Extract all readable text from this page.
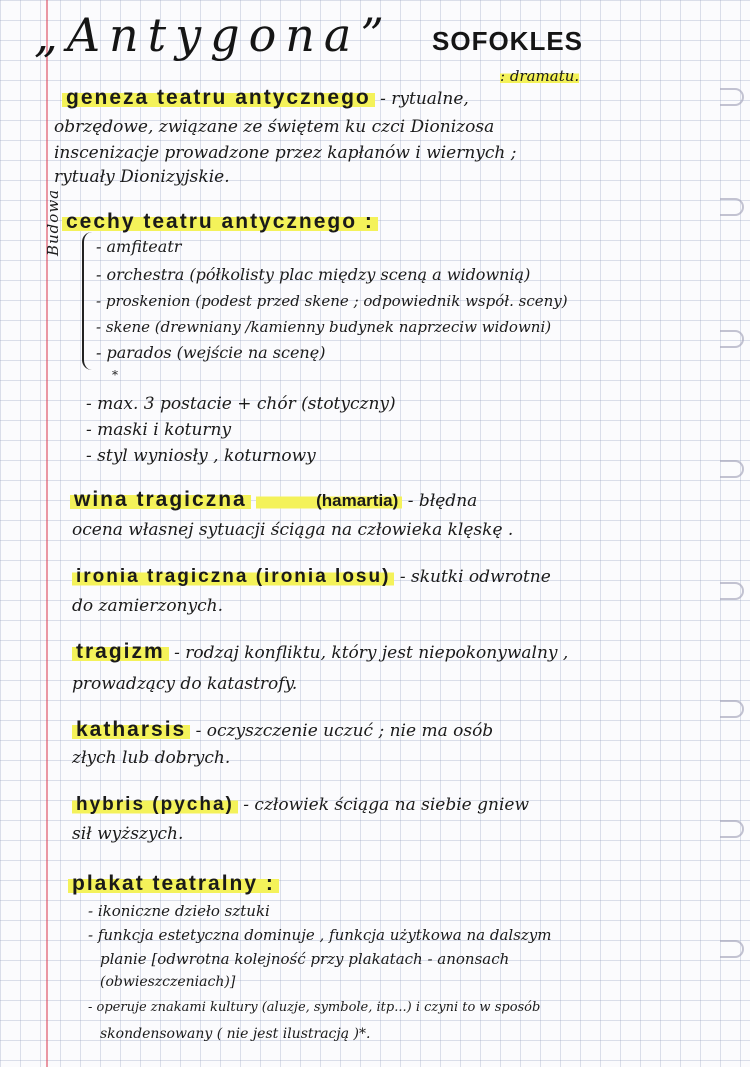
„Antygona” SOFOKLES
: dramatu.
geneza teatru antycznego - rytualne,
obrzędowe, związane ze świętem ku czci Dionizosa
inscenizacje prowadzone przez kapłanów i wiernych ;
rytuały Dionizyjskie.
cechy teatru antycznego :
Budowa - amfiteatr
- orchestra (półkolisty plac między sceną a widownią)
- proskenion (podest przed skene ; odpowiednik współ. sceny)
- skene (drewniany /kamienny budynek naprzeciw widowni)
- parados (wejście na scenę)
*
- max. 3 postacie + chór (stotyczny)
- maski i koturny
- styl wyniosły , koturnowy
wina tragiczna	(hamartia) - błędna
ocena własnej sytuacji ściąga na człowieka klęskę .
ironia tragiczna (ironia losu) - skutki odwrotne
do zamierzonych.
tragizm - rodzaj konfliktu, który jest niepokonywalny ,
prowadzący do katastrofy.
katharsis - oczyszczenie uczuć ; nie ma osób
złych lub dobrych.
hybris (pycha) - człowiek ściąga na siebie gniew
sił wyższych.
plakat teatralny :
- ikoniczne dzieło sztuki
- funkcja estetyczna dominuje , funkcja użytkowa na dalszym
planie [odwrotna kolejność przy plakatach - anonsach
(obwieszczeniach)]
- operuje znakami kultury (aluzje, symbole, itp...) i czyni to w sposób
skondensowany ( nie jest ilustracją )*.
